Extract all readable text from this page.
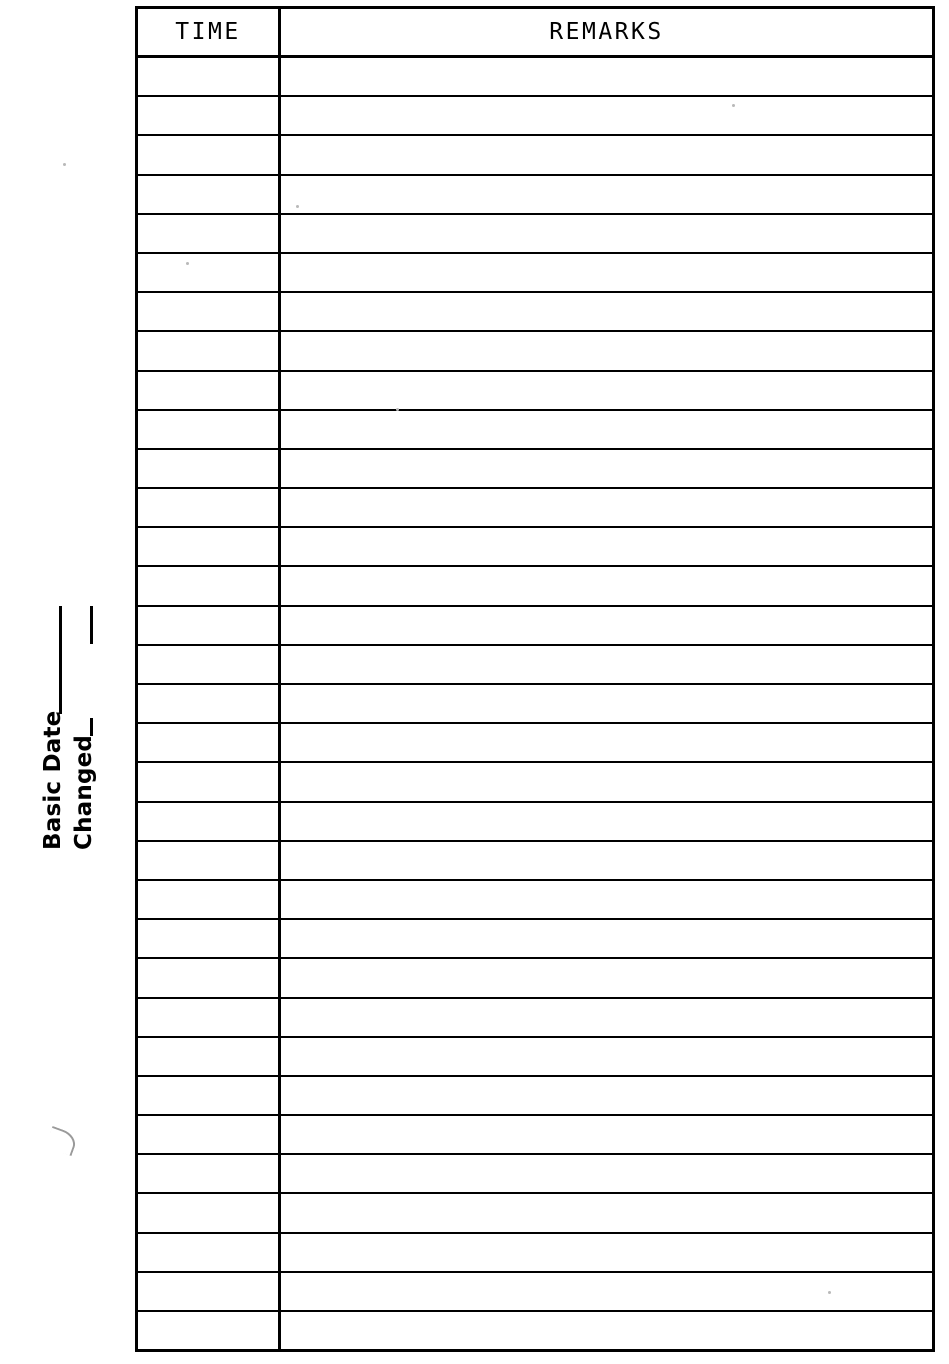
Basic Date Changed
TIME	REMARKS
